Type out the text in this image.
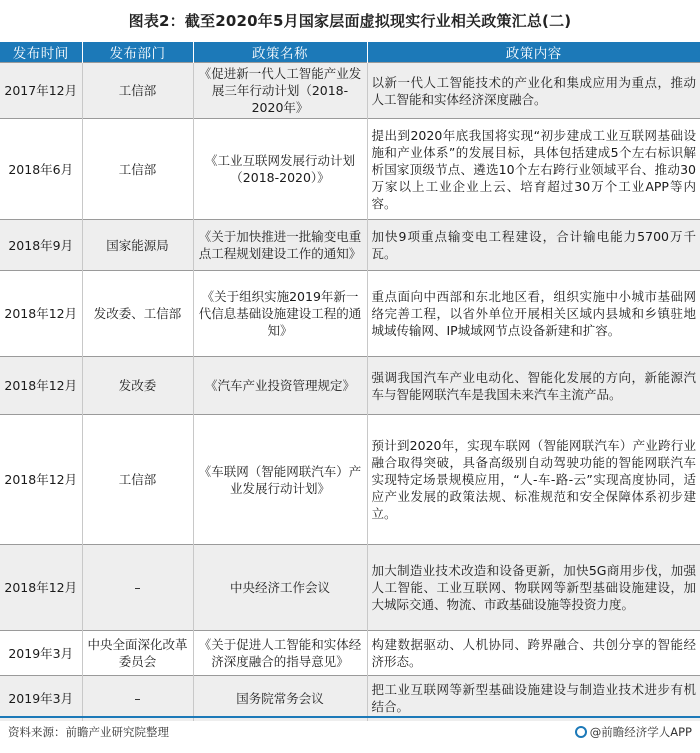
图表2：截至2020年5月国家层面虚拟现实行业相关政策汇总(二)
发布时间	发布部门	政策名称	政策内容
2017年12月	工信部	《促进新一代人工智能产业发展三年行动计划（2018-2020年》	以新一代人工智能技术的产业化和集成应用为重点，推动人工智能和实体经济深度融合。
2018年6月	工信部	《工业互联网发展行动计划（2018-2020）》	提出到2020年底我国将实现“初步建成工业互联网基础设施和产业体系”的发展目标，具体包括建成5个左右标识解析国家顶级节点、遴选10个左右跨行业领域平台、推动30万家以上工业企业上云、培育超过30万个工业APP等内容。
2018年9月	国家能源局	《关于加快推进一批输变电重点工程规划建设工作的通知》	加快9项重点输变电工程建设，合计输电能力5700万千瓦。
2018年12月	发改委、工信部	《关于组织实施2019年新一代信息基础设施建设工程的通知》	重点面向中西部和东北地区看，组织实施中小城市基础网络完善工程，以省外单位开展相关区域内县城和乡镇驻地城域传输网、IP城域网节点设备新建和扩容。
2018年12月	发改委	《汽车产业投资管理规定》	强调我国汽车产业电动化、智能化发展的方向，新能源汽车与智能网联汽车是我国未来汽车主流产品。
2018年12月	工信部	《车联网（智能网联汽车）产业发展行动计划》	预计到2020年，实现车联网（智能网联汽车）产业跨行业融合取得突破，具备高级别自动驾驶功能的智能网联汽车实现特定场景规模应用，“人-车-路-云”实现高度协同，适应产业发展的政策法规、标准规范和安全保障体系初步建立。
2018年12月	–	中央经济工作会议	加大制造业技术改造和设备更新，加快5G商用步伐，加强人工智能、工业互联网、物联网等新型基础设施建设，加大城际交通、物流、市政基础设施等投资力度。
2019年3月	中央全面深化改革委员会	《关于促进人工智能和实体经济深度融合的指导意见》	构建数据驱动、人机协同、跨界融合、共创分享的智能经济形态。
2019年3月	–	国务院常务会议	把工业互联网等新型基础设施建设与制造业技术进步有机结合。
资料来源：前瞻产业研究院整理	@前瞻经济学人APP
